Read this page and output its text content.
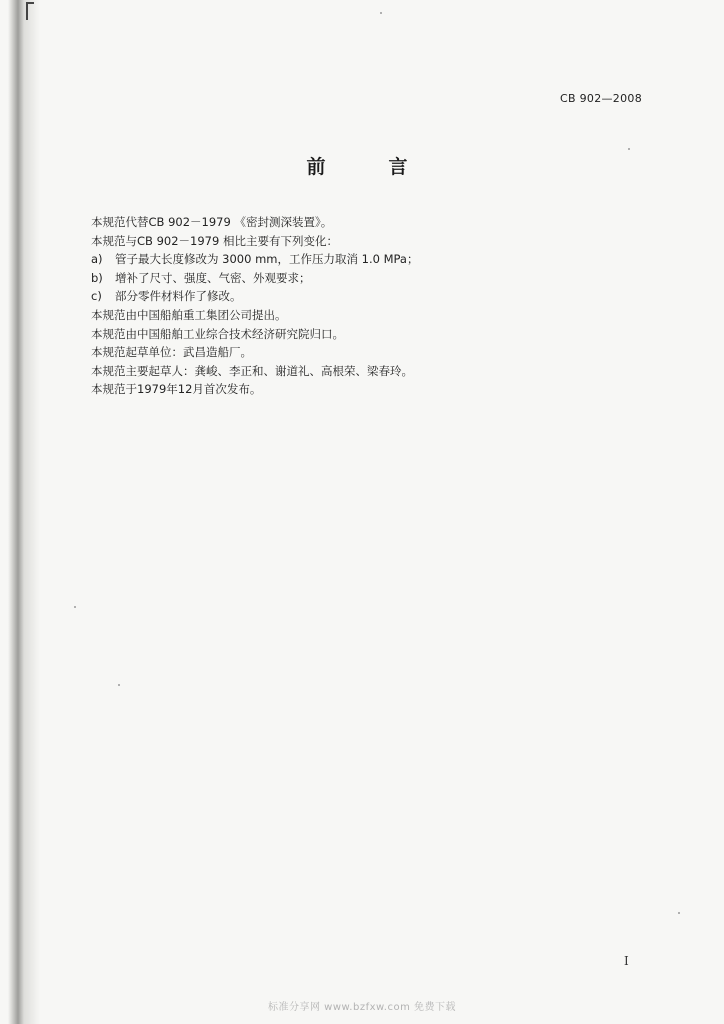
CB 902—2008
前　言

本规范代替CB 902－1979 《密封测深装置》。

本规范与CB 902－1979 相比主要有下列变化：

a)	管子最大长度修改为 3000 mm，工作压力取消 1.0 MPa；

b)	增补了尺寸、强度、气密、外观要求；

c)	部分零件材料作了修改。

本规范由中国船舶重工集团公司提出。

本规范由中国船舶工业综合技术经济研究院归口。

本规范起草单位：武昌造船厂。

本规范主要起草人：龚峻、李正和、谢道礼、高根荣、梁春玲。

本规范于1979年12月首次发布。

I
标准分享网 www.bzfxw.com 免费下载
